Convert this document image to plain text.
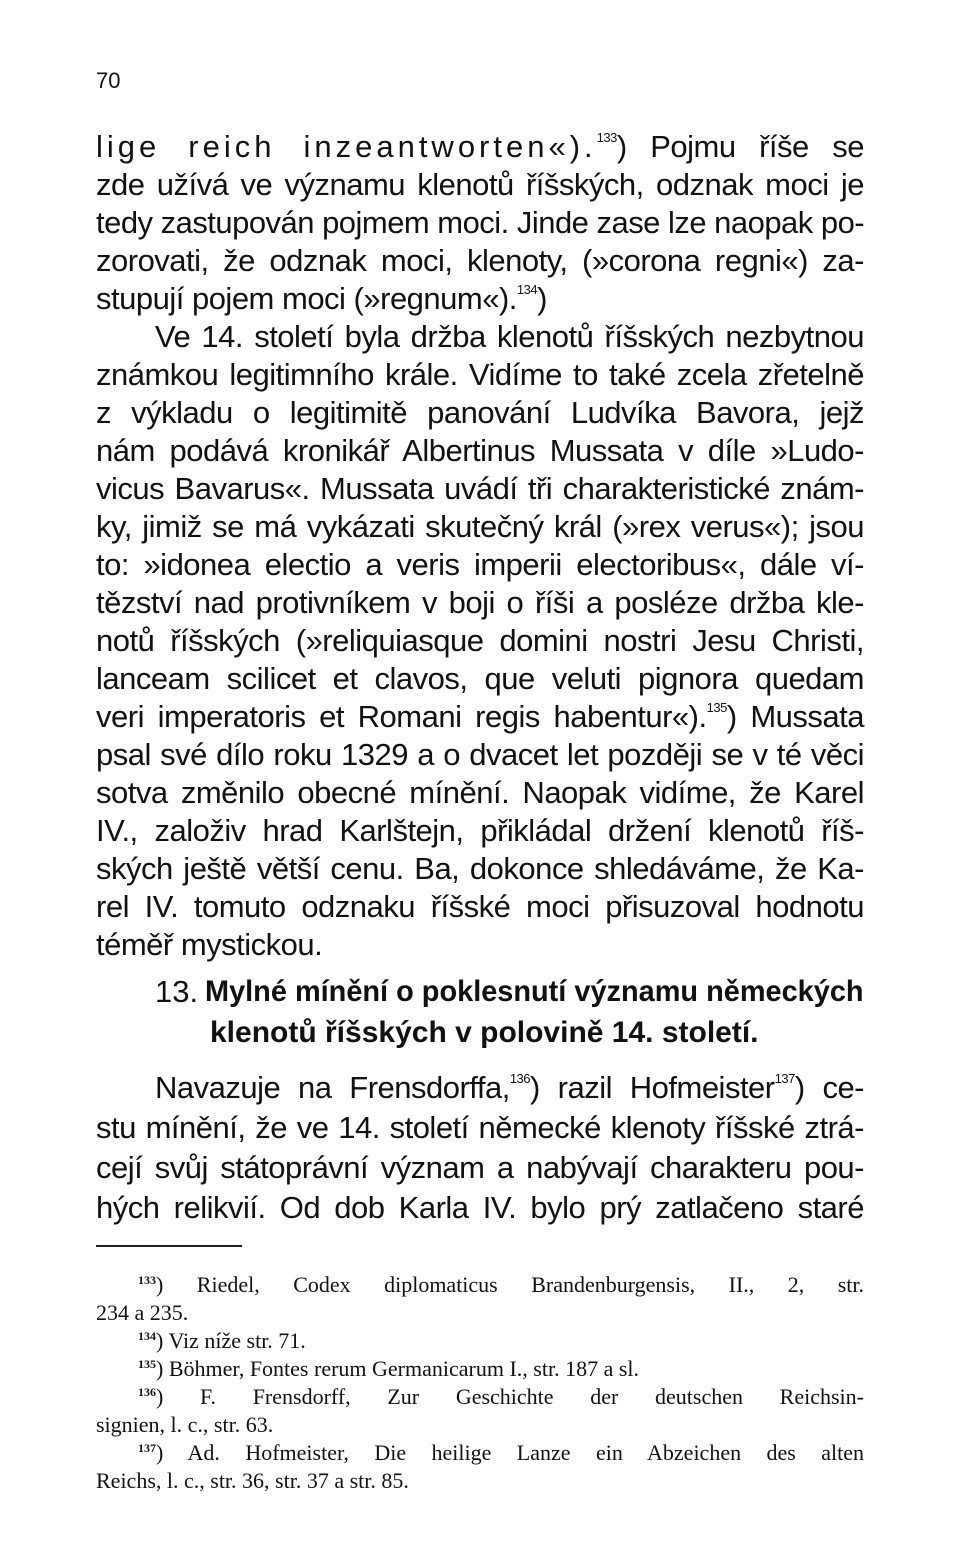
70
lige reich inzeantworten«).$^{133}$) Pojmu říše se
zde užívá ve významu klenotů říšských, odznak moci je
tedy zastupován pojmem moci. Jinde zase lze naopak po-
zorovati, že odznak moci, klenoty, (»corona regni«) za-
stupují pojem moci (»regnum«).$^{134}$)
Ve 14. století byla držba klenotů říšských nezbytnou
známkou legitimního krále. Vidíme to také zcela zřetelně
z výkladu o legitimitě panování Ludvíka Bavora, jejž
nám podává kronikář Albertinus Mussata v díle »Ludo-
vicus Bavarus«. Mussata uvádí tři charakteristické znám-
ky, jimiž se má vykázati skutečný král (»rex verus«); jsou
to: »idonea electio a veris imperii electoribus«, dále ví-
tězství nad protivníkem v boji o říši a posléze držba kle-
notů říšských (»reliquiasque domini nostri Jesu Christi,
lanceam scilicet et clavos, que veluti pignora quedam
veri imperatoris et Romani regis habentur«).$^{135}$) Mussata
psal své dílo roku 1329 a o dvacet let později se v té věci
sotva změnilo obecné mínění. Naopak vidíme, že Karel
IV., založiv hrad Karlštejn, přikládal držení klenotů říš-
ských ještě větší cenu. Ba, dokonce shledáváme, že Ka-
rel IV. tomuto odznaku říšské moci přisuzoval hodnotu
téměř mystickou.
13. Mylné mínění o poklesnutí významu německých
klenotů říšských v polovině 14. století.
Navazuje na Frensdorffa,$^{136}$) razil Hofmeister$^{137}$) ce-
stu mínění, že ve 14. století německé klenoty říšské ztrá-
cejí svůj státoprávní význam a nabývají charakteru pou-
hých relikvií. Od dob Karla IV. bylo prý zatlačeno staré
$^{133}$) Riedel, Codex diplomaticus Brandenburgensis, II., 2, str.
234 a 235.
$^{134}$) Viz níže str. 71.
$^{135}$) Böhmer, Fontes rerum Germanicarum I., str. 187 a sl.
$^{136}$) F. Frensdorff, Zur Geschichte der deutschen Reichsin-
signien, l. c., str. 63.
$^{137}$) Ad. Hofmeister, Die heilige Lanze ein Abzeichen des alten
Reichs, l. c., str. 36, str. 37 a str. 85.
